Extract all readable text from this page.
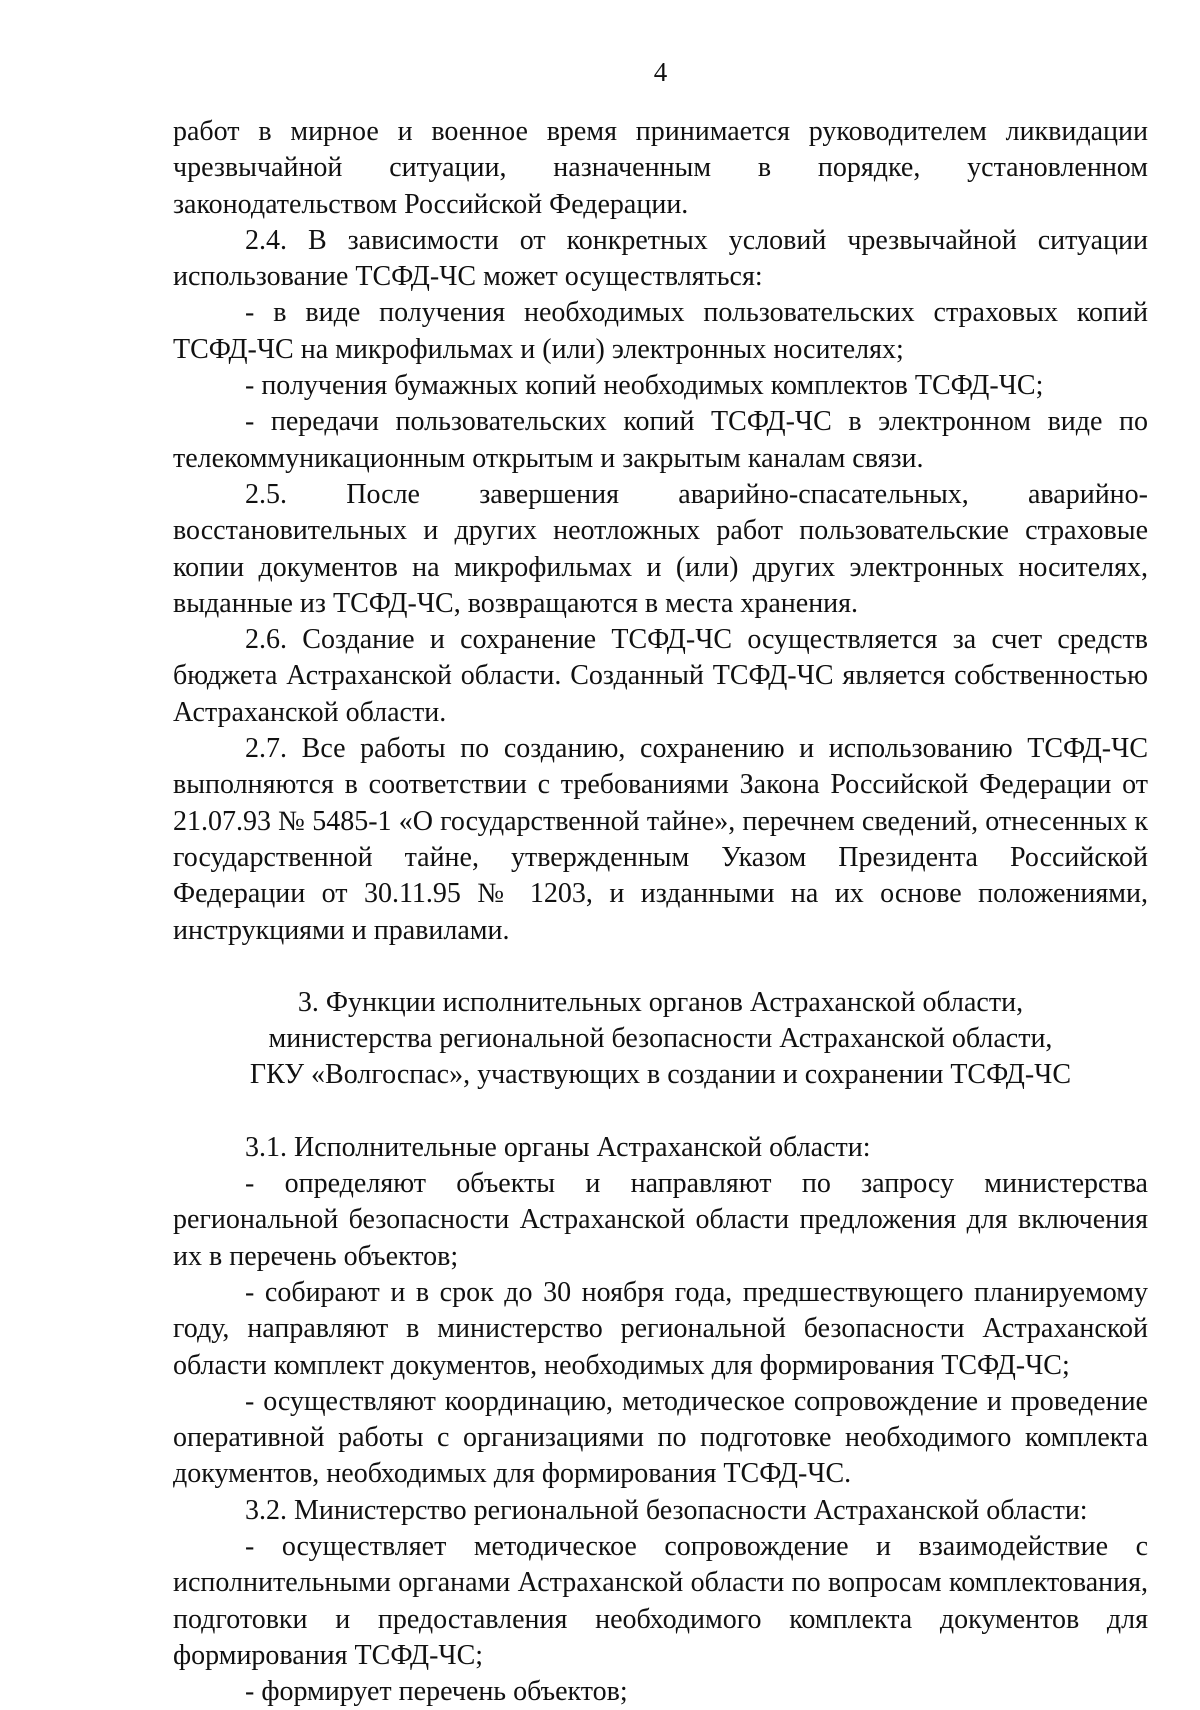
4

работ в мирное и военное время принимается руководителем ликвидации чрезвычайной ситуации, назначенным в порядке, установленном законодательством Российской Федерации.

2.4. В зависимости от конкретных условий чрезвычайной ситуации использование ТСФД-ЧС может осуществляться:

- в виде получения необходимых пользовательских страховых копий ТСФД-ЧС на микрофильмах и (или) электронных носителях;

- получения бумажных копий необходимых комплектов ТСФД-ЧС;

- передачи пользовательских копий ТСФД-ЧС в электронном виде по телекоммуникационным открытым и закрытым каналам связи.

2.5. После завершения аварийно-спасательных, аварийно-восстановительных и других неотложных работ пользовательские страховые копии документов на микрофильмах и (или) других электронных носителях, выданные из ТСФД-ЧС, возвращаются в места хранения.

2.6. Создание и сохранение ТСФД-ЧС осуществляется за счет средств бюджета Астраханской области. Созданный ТСФД-ЧС является собственностью Астраханской области.

2.7. Все работы по созданию, сохранению и использованию ТСФД-ЧС выполняются в соответствии с требованиями Закона Российской Федерации от 21.07.93 № 5485-1 «О государственной тайне», перечнем сведений, отнесенных к государственной тайне, утвержденным Указом Президента Российской Федерации от 30.11.95 № 1203, и изданными на их основе положениями, инструкциями и правилами.

3. Функции исполнительных органов Астраханской области,
министерства региональной безопасности Астраханской области,
ГКУ «Волгоспас», участвующих в создании и сохранении ТСФД-ЧС

3.1. Исполнительные органы Астраханской области:

- определяют объекты и направляют по запросу министерства региональной безопасности Астраханской области предложения для включения их в перечень объектов;

- собирают и в срок до 30 ноября года, предшествующего планируемому году, направляют в министерство региональной безопасности Астраханской области комплект документов, необходимых для формирования ТСФД-ЧС;

- осуществляют координацию, методическое сопровождение и проведение оперативной работы с организациями по подготовке необходимого комплекта документов, необходимых для формирования ТСФД-ЧС.

3.2. Министерство региональной безопасности Астраханской области:

- осуществляет методическое сопровождение и взаимодействие с исполнительными органами Астраханской области по вопросам комплектования, подготовки и предоставления необходимого комплекта документов для формирования ТСФД-ЧС;

- формирует перечень объектов;
